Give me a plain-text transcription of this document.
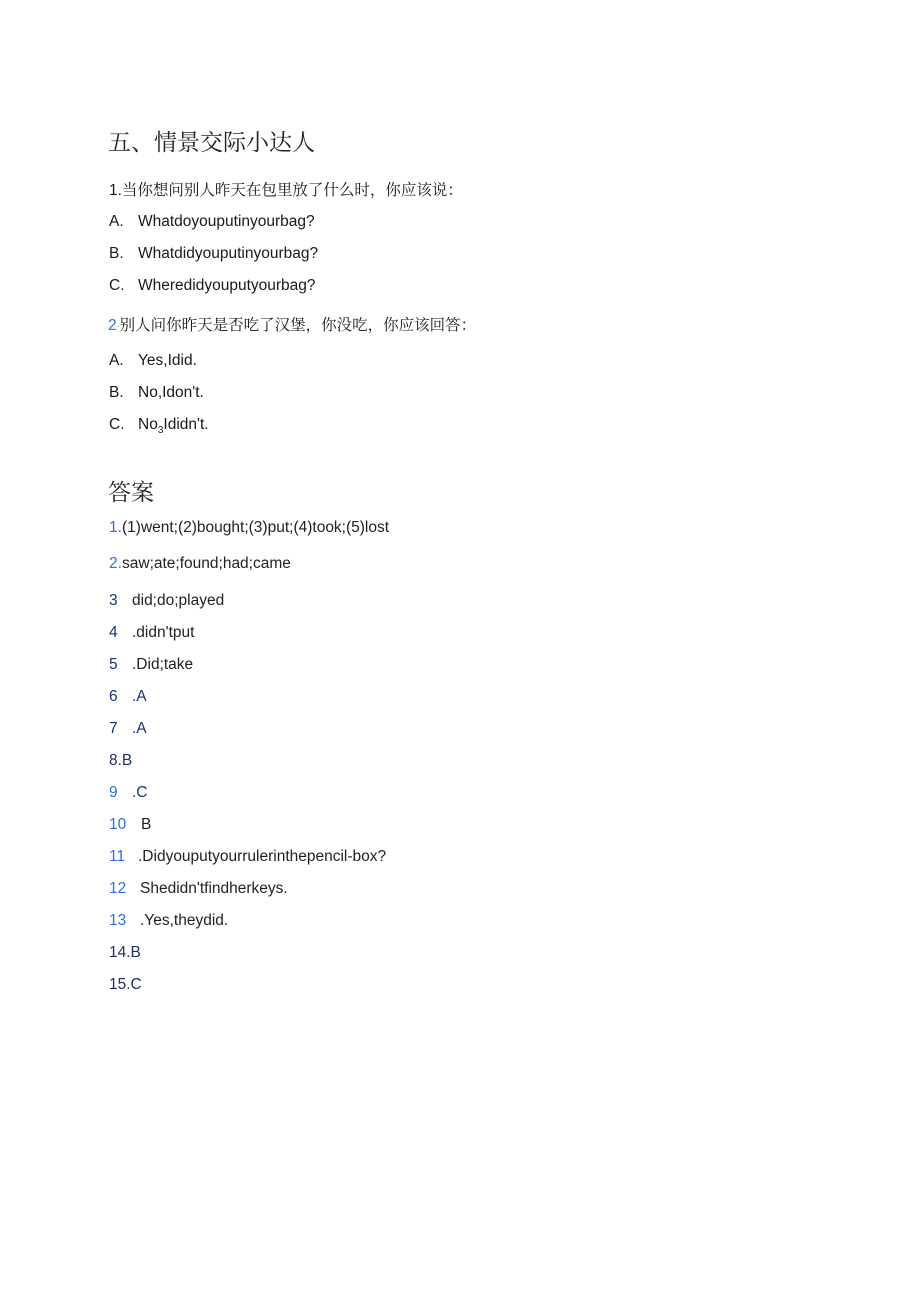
五、情景交际小达人
1.当你想问别人昨天在包里放了什么时，你应该说：
A. Whatdoyouputinyourbag?
B. Whatdidyouputinyourbag?
C. Wheredidyouputyourbag?
2·别人问你昨天是否吃了汉堡，你没吃，你应该回答：
A. Yes,Idid.
B. No,Idon't.
C. $No_3Ididn't$.
答案
1. (1)went;(2)bought;(3)put;(4)took;(5)lost
2. saw;ate;found;had;came
3 did;do;played
4 .didn'tput
5 .Did;take
6 .A
7 .A
8.B
9 .C
10 B
11 .Didyouputyourrulerinthepencil-box?
12 Shedidn'tfindherkeys.
13 .Yes,theydid.
14.B
15.C
